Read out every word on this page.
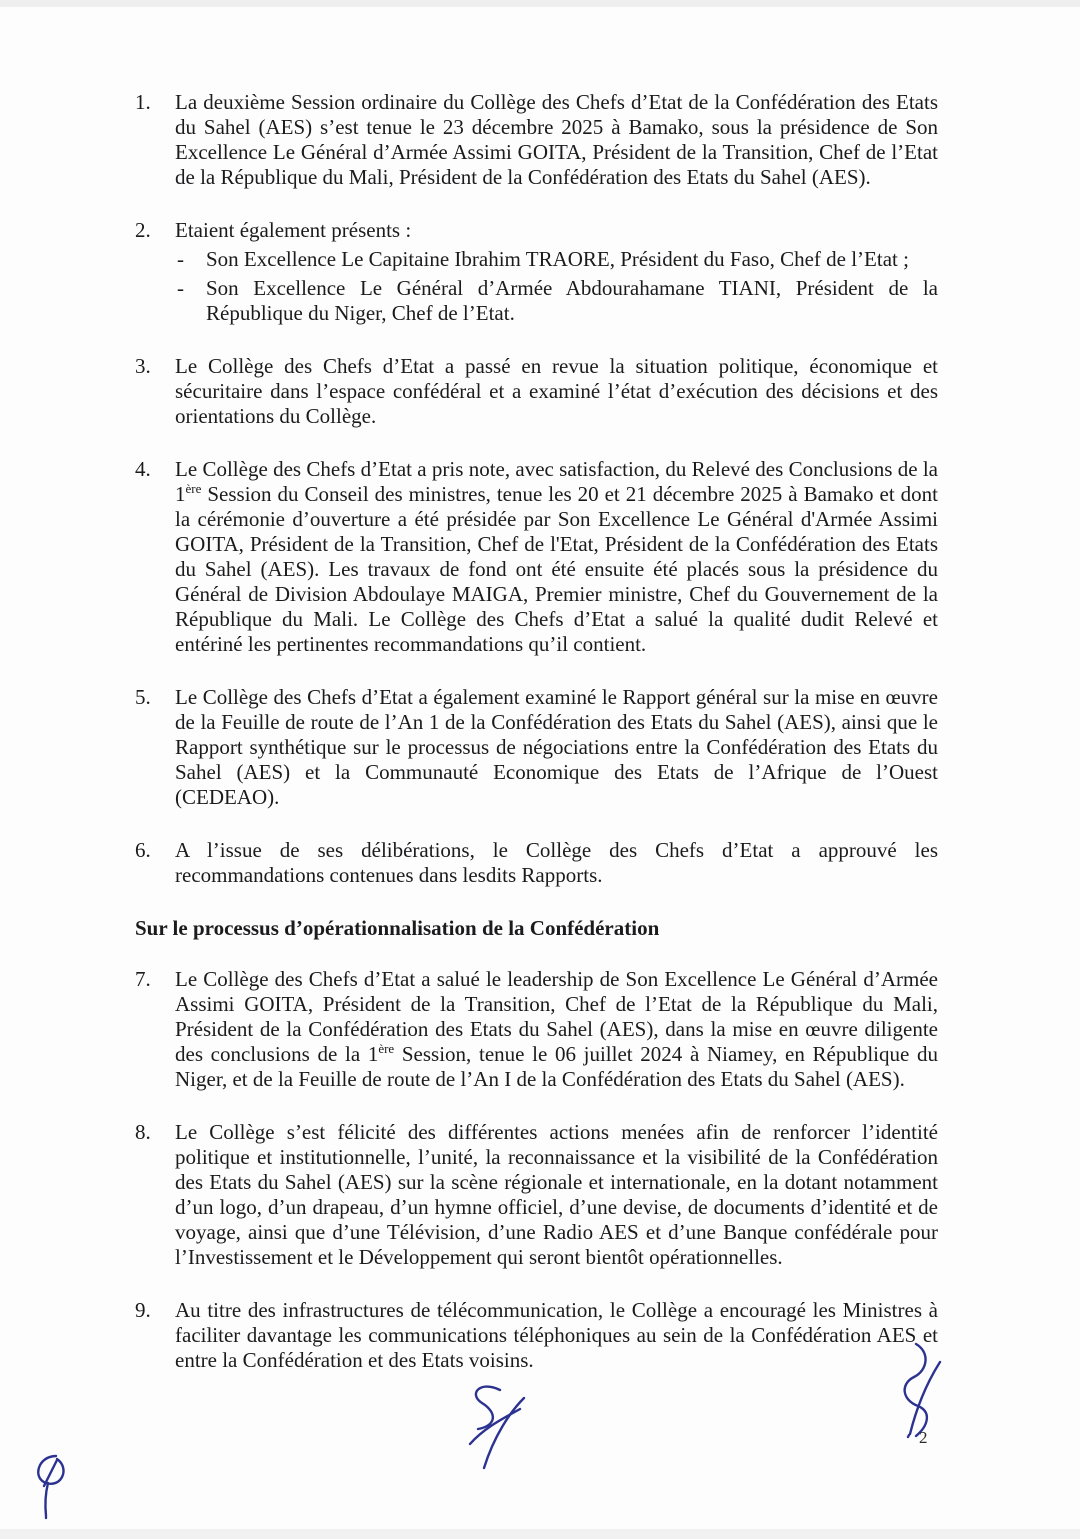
1.	La deuxième Session ordinaire du Collège des Chefs d’Etat de la Confédération des Etats du Sahel (AES) s’est tenue le 23 décembre 2025 à Bamako, sous la présidence de Son Excellence Le Général d’Armée Assimi GOITA, Président de la Transition, Chef de l’Etat de la République du Mali, Président de la Confédération des Etats du Sahel (AES).

2.	Etaient également présents :

-	Son Excellence Le Capitaine Ibrahim TRAORE, Président du Faso, Chef de l’Etat ;

-	Son Excellence Le Général d’Armée Abdourahamane TIANI, Président de la République du Niger, Chef de l’Etat.

3.	Le Collège des Chefs d’Etat a passé en revue la situation politique, économique et sécuritaire dans l’espace confédéral et a examiné l’état d’exécution des décisions et des orientations du Collège.

4.	Le Collège des Chefs d’Etat a pris note, avec satisfaction, du Relevé des Conclusions de la 1ère Session du Conseil des ministres, tenue les 20 et 21 décembre 2025 à Bamako et dont la cérémonie d’ouverture a été présidée par Son Excellence Le Général d'Armée Assimi GOITA, Président de la Transition, Chef de l'Etat, Président de la Confédération des Etats du Sahel (AES). Les travaux de fond ont été ensuite été placés sous la présidence du Général de Division Abdoulaye MAIGA, Premier ministre, Chef du Gouvernement de la République du Mali. Le Collège des Chefs d’Etat a salué la qualité dudit Relevé et entériné les pertinentes recommandations qu’il contient.

5.	Le Collège des Chefs d’Etat a également examiné le Rapport général sur la mise en œuvre de la Feuille de route de l’An 1 de la Confédération des Etats du Sahel (AES), ainsi que le Rapport synthétique sur le processus de négociations entre la Confédération des Etats du Sahel (AES) et la Communauté Economique des Etats de l’Afrique de l’Ouest (CEDEAO).

6.	A l’issue de ses délibérations, le Collège des Chefs d’Etat a approuvé les recommandations contenues dans lesdits Rapports.

Sur le processus d’opérationnalisation de la Confédération
7.	Le Collège des Chefs d’Etat a salué le leadership de Son Excellence Le Général d’Armée Assimi GOITA, Président de la Transition, Chef de l’Etat de la République du Mali, Président de la Confédération des Etats du Sahel (AES), dans la mise en œuvre diligente des conclusions de la 1ère Session, tenue le 06 juillet 2024 à Niamey, en République du Niger, et de la Feuille de route de l’An I de la Confédération des Etats du Sahel (AES).

8.	Le Collège s’est félicité des différentes actions menées afin de renforcer l’identité politique et institutionnelle, l’unité, la reconnaissance et la visibilité de la Confédération des Etats du Sahel (AES) sur la scène régionale et internationale, en la dotant notamment d’un logo, d’un drapeau, d’un hymne officiel, d’une devise, de documents d’identité et de voyage, ainsi que d’une Télévision, d’une Radio AES et d’une Banque confédérale pour l’Investissement et le Développement qui seront bientôt opérationnelles.

9.	Au titre des infrastructures de télécommunication, le Collège a encouragé les Ministres à faciliter davantage les communications téléphoniques au sein de la Confédération AES et entre la Confédération et des Etats voisins.

2
